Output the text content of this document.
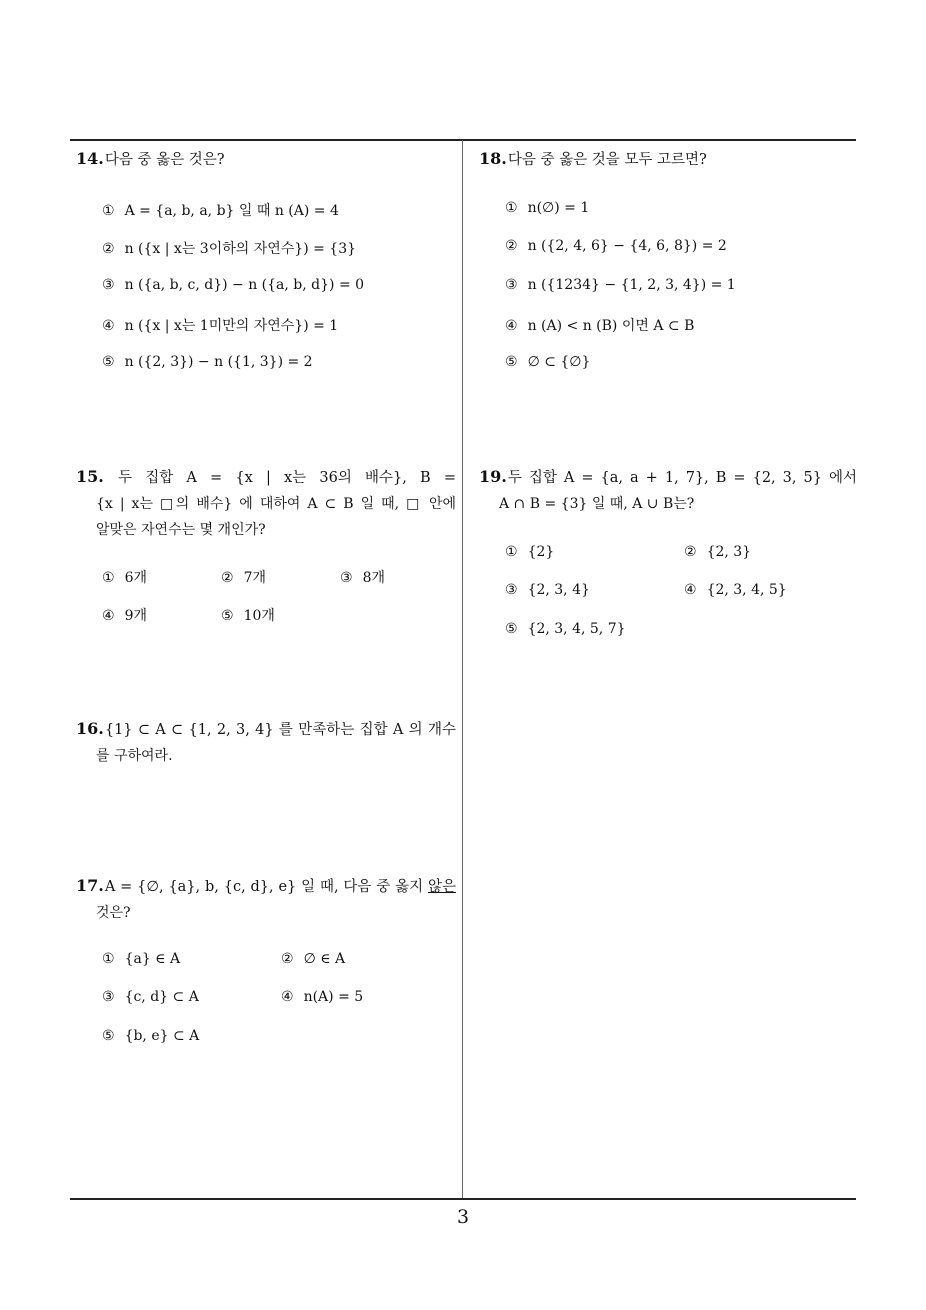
14.다음 중 옳은 것은?
① A = {a, b, a, b} 일 때 n (A) = 4
② n ({x | x는 3이하의 자연수}) = {3}
③ n ({a, b, c, d}) − n ({a, b, d}) = 0
④ n ({x | x는 1미만의 자연수}) = 1
⑤ n ({2, 3}) − n ({1, 3}) = 2
15. 두 집합 A = {x | x는 36의 배수}, B =
{x | x는 □의 배수} 에 대하여 A ⊂ B 일 때, □ 안에
알맞은 자연수는 몇 개인가?
① 6개	② 7개	③ 8개
④ 9개	⑤ 10개
16.{1} ⊂ A ⊂ {1, 2, 3, 4} 를 만족하는 집합 A 의 개수
를 구하여라.
17.A = {∅, {a}, b, {c, d}, e} 일 때, 다음 중 옳지 않은
것은?
① {a} ∈ A	② ∅ ∈ A
③ {c, d} ⊂ A	④ n(A) = 5
⑤ {b, e} ⊂ A
18.다음 중 옳은 것을 모두 고르면?
① n(∅) = 1
② n ({2, 4, 6} − {4, 6, 8}) = 2
③ n ({1234} − {1, 2, 3, 4}) = 1
④ n (A) < n (B) 이면 A ⊂ B
⑤ ∅ ⊂ {∅}
19.두 집합 A = {a, a + 1, 7}, B = {2, 3, 5} 에서
A ∩ B = {3} 일 때, A ∪ B는?
① {2}	② {2, 3}
③ {2, 3, 4}	④ {2, 3, 4, 5}
⑤ {2, 3, 4, 5, 7}
3
